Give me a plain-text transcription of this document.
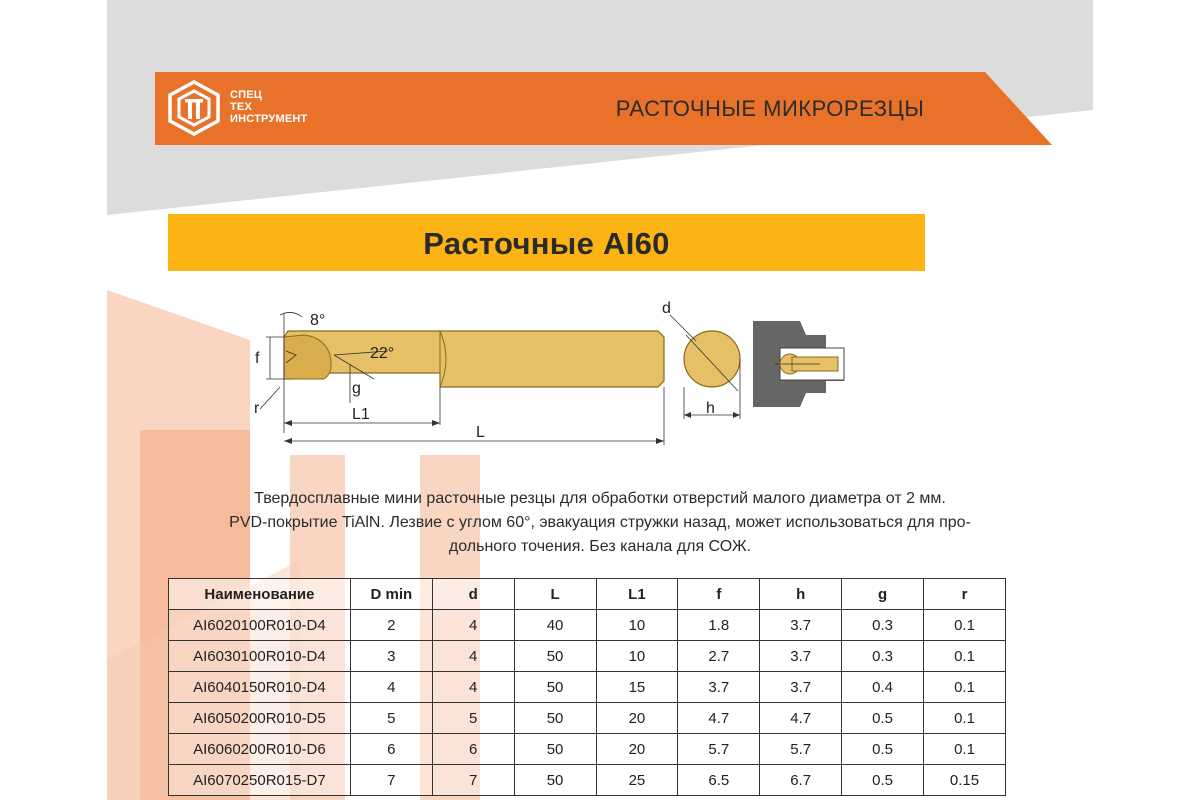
СПЕЦ
ТЕХ
ИНСТРУМЕНТ	РАСТОЧНЫЕ МИКРОРЕЗЦЫ
Расточные AI60
8°
22°
f
g
r	L1
L
d
h
Твердосплавные мини расточные резцы для обработки отверстий малого диаметра от 2 мм.
PVD-покрытие TiAlN. Лезвие с углом 60°, эвакуация стружки назад, может использоваться для про-
дольного точения. Без канала для СОЖ.
Наименование	D min	d	L	L1	f	h	g	r
AI6020100R010-D4	2	4	40	10	1.8	3.7	0.3	0.1
AI6030100R010-D4	3	4	50	10	2.7	3.7	0.3	0.1
AI6040150R010-D4	4	4	50	15	3.7	3.7	0.4	0.1
AI6050200R010-D5	5	5	50	20	4.7	4.7	0.5	0.1
AI6060200R010-D6	6	6	50	20	5.7	5.7	0.5	0.1
AI6070250R015-D7	7	7	50	25	6.5	6.7	0.5	0.15
